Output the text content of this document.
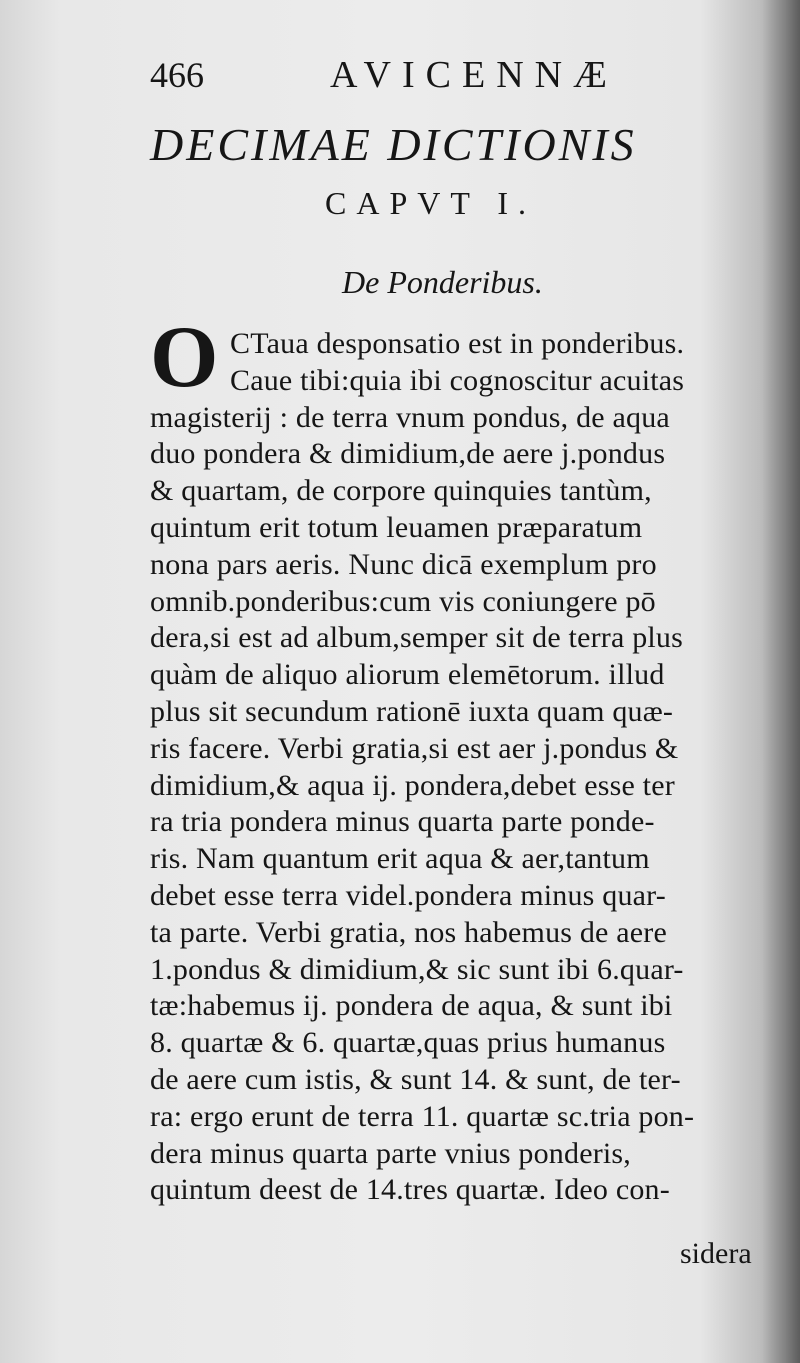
466	AVICENNÆ
DECIMAE DICTIONIS
CAPVT I.
De Ponderibus.
O CTaua desponsatio est in ponderibus.
Caue tibi:quia ibi cognoscitur acuitas
magisterij : de terra vnum pondus, de aqua
duo pondera & dimidium,de aere j.pondus
& quartam, de corpore quinquies tantùm,
quintum erit totum leuamen præparatum
nona pars aeris. Nunc dicā exemplum pro
omnib.ponderibus:cum vis coniungere pō
dera,si est ad album,semper sit de terra plus
quàm de aliquo aliorum elemētorum. illud
plus sit secundum rationē iuxta quam quæ-
ris facere. Verbi gratia,si est aer j.pondus &
dimidium,& aqua ij. pondera,debet esse ter
ra tria pondera minus quarta parte ponde-
ris. Nam quantum erit aqua & aer,tantum
debet esse terra videl.pondera minus quar-
ta parte. Verbi gratia, nos habemus de aere
1.pondus & dimidium,& sic sunt ibi 6.quar-
tæ:habemus ij. pondera de aqua, & sunt ibi
8. quartæ & 6. quartæ,quas prius humanus
de aere cum istis, & sunt 14. & sunt, de ter-
ra: ergo erunt de terra 11. quartæ sc.tria pon-
dera minus quarta parte vnius ponderis,
quintum deest de 14.tres quartæ. Ideo con-
sidera
